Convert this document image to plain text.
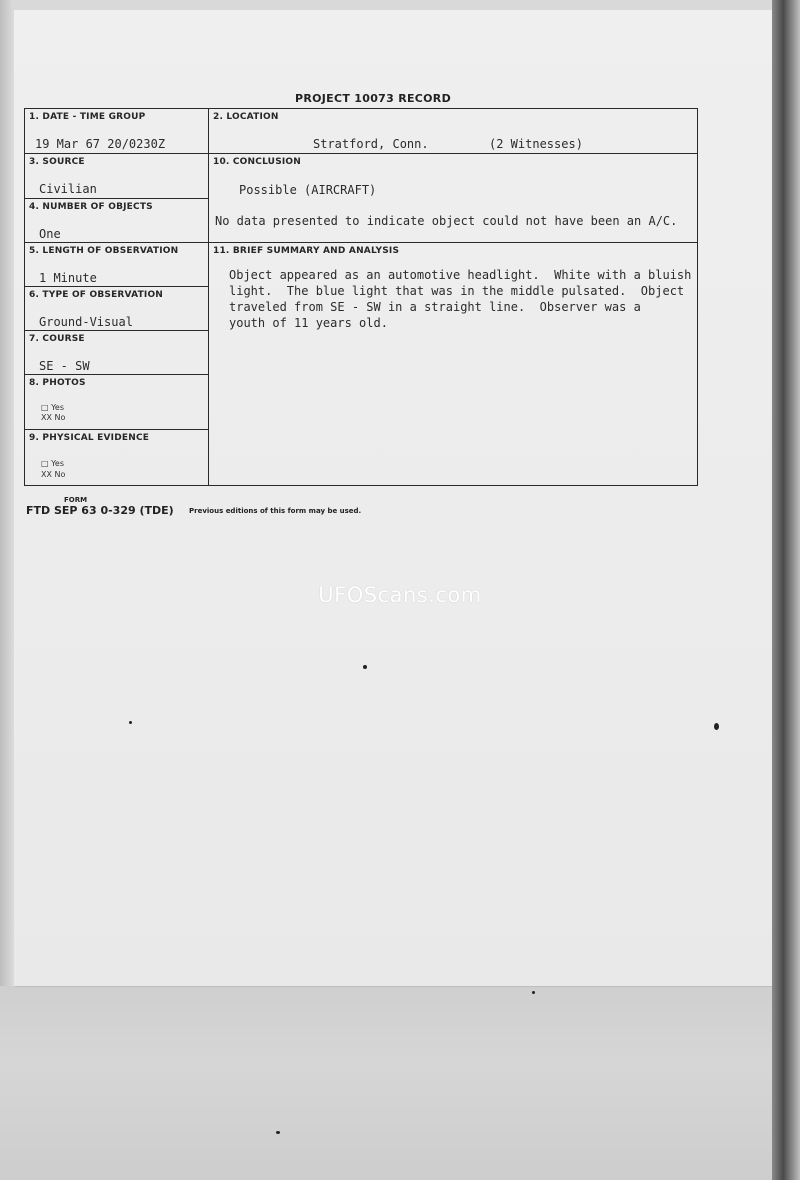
PROJECT 10073 RECORD
1. DATE - TIME GROUP
19 Mar 67 20/0230Z
3. SOURCE
Civilian
4. NUMBER OF OBJECTS
One
5. LENGTH OF OBSERVATION
1 Minute
6. TYPE OF OBSERVATION
Ground-Visual
7. COURSE
SE - SW
8. PHOTOS
□ Yes
XX No
9. PHYSICAL EVIDENCE
□ Yes
XX No
2. LOCATION
Stratford, Conn.	(2 Witnesses)
10. CONCLUSION
Possible (AIRCRAFT)
No data presented to indicate object could not have been an A/C.
11. BRIEF SUMMARY AND ANALYSIS
Object appeared as an automotive headlight.  White with a bluish
light.  The blue light that was in the middle pulsated.  Object
traveled from SE - SW in a straight line.  Observer was a
youth of 11 years old.
FORM
FTD SEP 63 0-329 (TDE) Previous editions of this form may be used.
UFOScans.com
